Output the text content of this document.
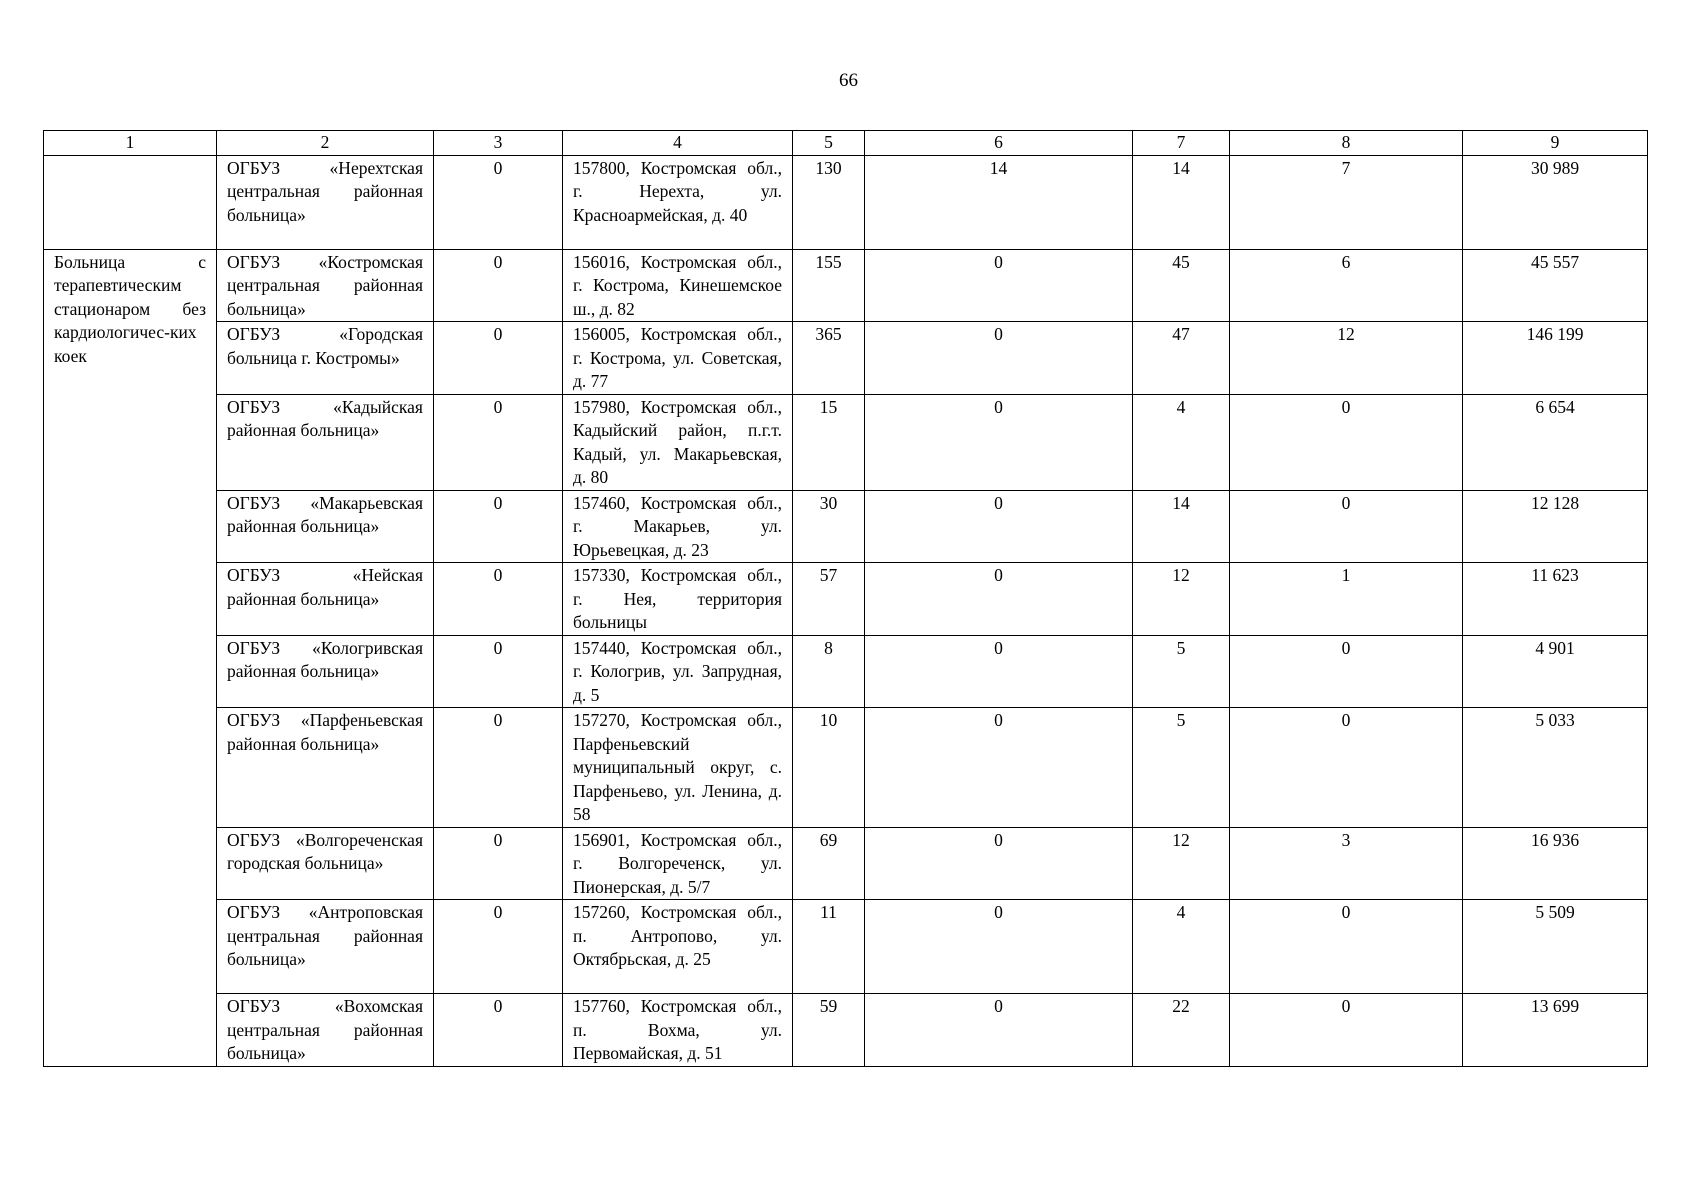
66
1	2	3	4	5	6	7	8	9
	ОГБУЗ «Нерехтская центральная районная больница»	0	157800, Костромская обл., г. Нерехта, ул. Красноармейская, д. 40	130	14	14	7	30 989
Больница с терапевтическим стационаром без кардиологичес-ких коек	ОГБУЗ «Костромская центральная районная больница»	0	156016, Костромская обл., г. Кострома, Кинешемское ш., д. 82	155	0	45	6	45 557
	ОГБУЗ «Городская больница г. Костромы»	0	156005, Костромская обл., г. Кострома, ул. Советская, д. 77	365	0	47	12	146 199
	ОГБУЗ «Кадыйская районная больница»	0	157980, Костромская обл., Кадыйский район, п.г.т. Кадый, ул. Макарьевская, д. 80	15	0	4	0	6 654
	ОГБУЗ «Макарьевская районная больница»	0	157460, Костромская обл., г. Макарьев, ул. Юрьевецкая, д. 23	30	0	14	0	12 128
	ОГБУЗ «Нейская районная больница»	0	157330, Костромская обл., г. Нея, территория больницы	57	0	12	1	11 623
	ОГБУЗ «Кологривская районная больница»	0	157440, Костромская обл., г. Кологрив, ул. Запрудная, д. 5	8	0	5	0	4 901
	ОГБУЗ «Парфеньевская районная больница»	0	157270, Костромская обл., Парфеньевский муниципальный округ, с. Парфеньево, ул. Ленина, д. 58	10	0	5	0	5 033
	ОГБУЗ «Волгореченская городская больница»	0	156901, Костромская обл., г. Волгореченск, ул. Пионерская, д. 5/7	69	0	12	3	16 936
	ОГБУЗ «Антроповская центральная районная больница»	0	157260, Костромская обл., п. Антропово, ул. Октябрьская, д. 25	11	0	4	0	5 509
	ОГБУЗ «Вохомская центральная районная больница»	0	157760, Костромская обл., п. Вохма, ул. Первомайская, д. 51	59	0	22	0	13 699
